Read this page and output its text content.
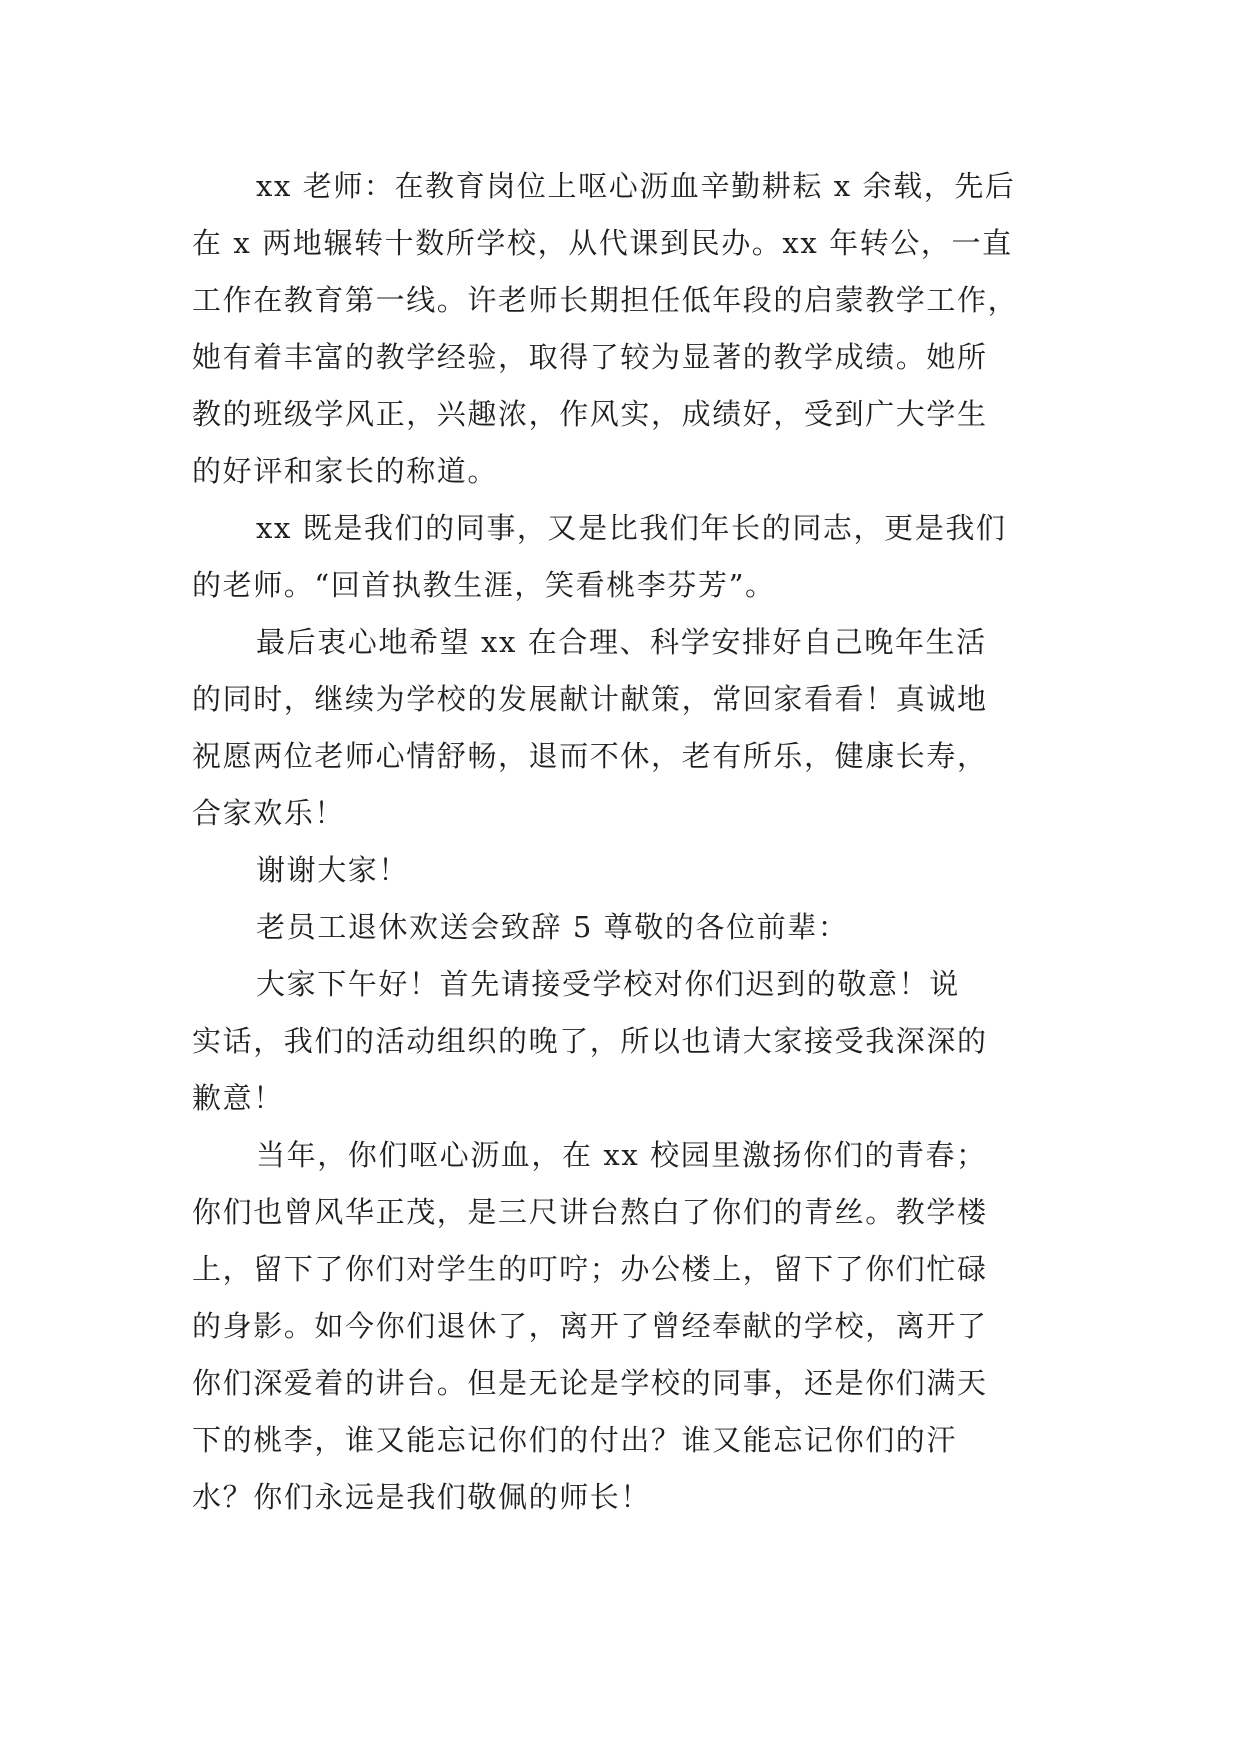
xx 老师：在教育岗位上呕心沥血辛勤耕耘 x 余载，先后

在 x 两地辗转十数所学校，从代课到民办。xx 年转公，一直

工作在教育第一线。许老师长期担任低年段的启蒙教学工作，

她有着丰富的教学经验，取得了较为显著的教学成绩。她所

教的班级学风正，兴趣浓，作风实，成绩好，受到广大学生

的好评和家长的称道。

xx 既是我们的同事，又是比我们年长的同志，更是我们

的老师。“回首执教生涯，笑看桃李芬芳”。

最后衷心地希望 xx 在合理、科学安排好自己晚年生活

的同时，继续为学校的发展献计献策，常回家看看！真诚地

祝愿两位老师心情舒畅，退而不休，老有所乐，健康长寿，

合家欢乐！

谢谢大家！

老员工退休欢送会致辞 5 尊敬的各位前辈：

大家下午好！首先请接受学校对你们迟到的敬意！说

实话，我们的活动组织的晚了，所以也请大家接受我深深的

歉意！

当年，你们呕心沥血，在 xx 校园里激扬你们的青春；

你们也曾风华正茂，是三尺讲台熬白了你们的青丝。教学楼

上，留下了你们对学生的叮咛；办公楼上，留下了你们忙碌

的身影。如今你们退休了，离开了曾经奉献的学校，离开了

你们深爱着的讲台。但是无论是学校的同事，还是你们满天

下的桃李，谁又能忘记你们的付出？谁又能忘记你们的汗

水？你们永远是我们敬佩的师长！
